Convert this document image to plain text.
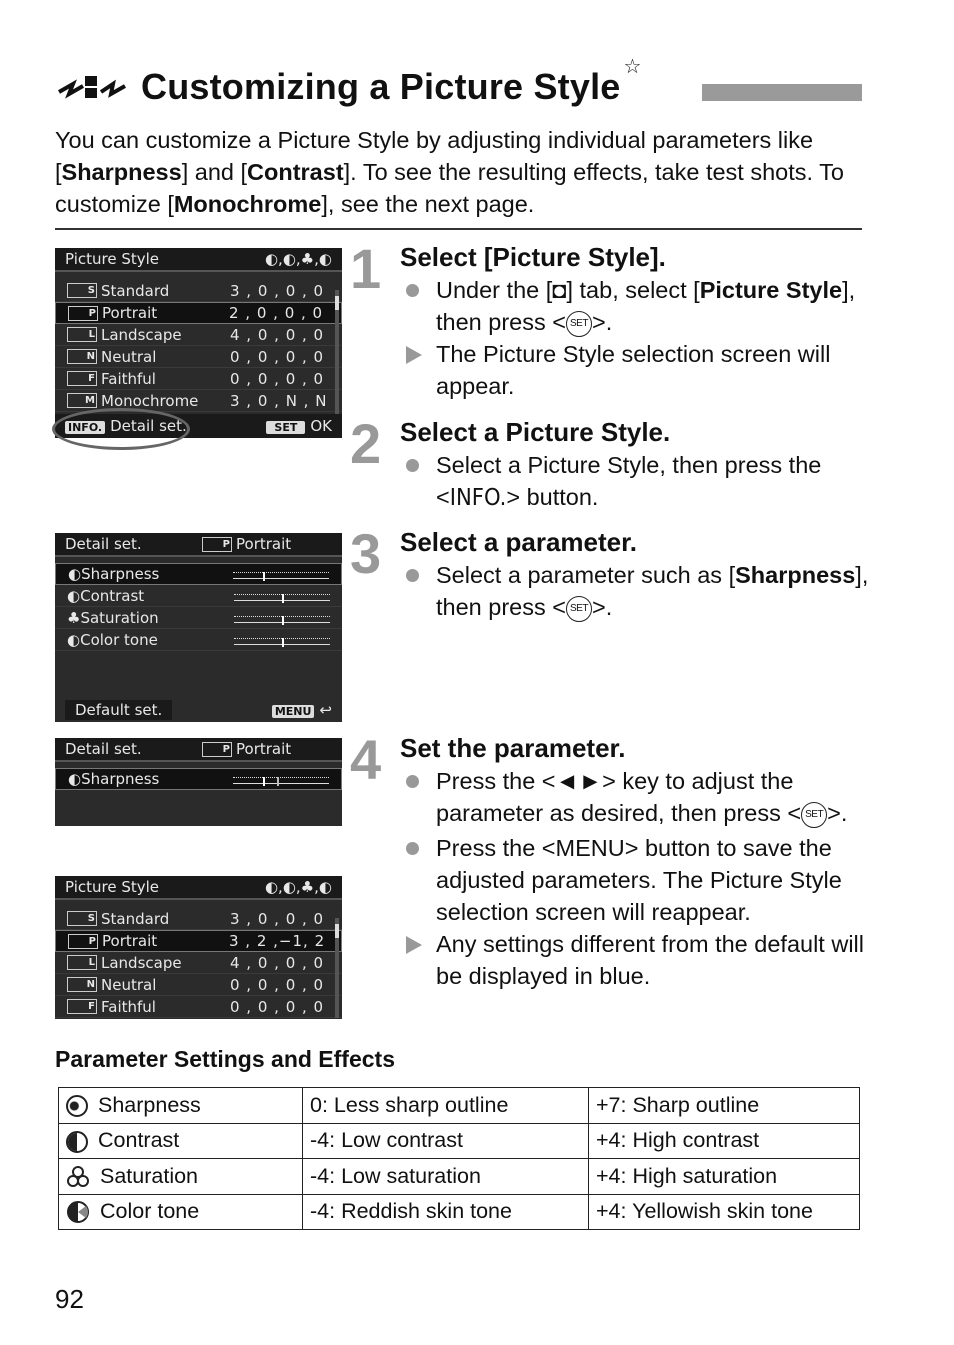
Customizing a Picture Style ☆

You can customize a Picture Style by adjusting individual parameters like [Sharpness] and [Contrast]. To see the resulting effects, take test shots. To customize [Monochrome], see the next page.

Picture Style	◐,◐,♣,◐
S Standard	3 , 0 , 0 , 0
P Portrait	2 , 0 , 0 , 0
L Landscape	4 , 0 , 0 , 0
N Neutral	0 , 0 , 0 , 0
F Faithful	0 , 0 , 0 , 0
M Monochrome 3 , 0 , N , N
INFO. Detail set.	SET OK
Detail set.	P Portrait
◐ Sharpness
◐ Contrast
♣ Saturation
◐ Color tone
Default set.	MENU ↩
Detail set.	P Portrait
◐ Sharpness
Picture Style	◐,◐,♣,◐
S Standard	3 , 0 , 0 , 0
P Portrait	3 , 2 ,−1, 2
L Landscape	4 , 0 , 0 , 0
N Neutral	0 , 0 , 0 , 0
F Faithful	0 , 0 , 0 , 0
1 Select [Picture Style].
Under the [◘] tab, select [Picture Style], then press < SET >.
The Picture Style selection screen will appear.
2 Select a Picture Style.
Select a Picture Style, then press the <INFO.> button.
3 Select a parameter.
Select a parameter such as [Sharpness], then press < SET >.
4 Set the parameter.
Press the <◄►> key to adjust the parameter as desired, then press < SET >.
Press the <MENU> button to save the adjusted parameters. The Picture Style selection screen will reappear.
Any settings different from the default will be displayed in blue.
Parameter Settings and Effects
Sharpness	0: Less sharp outline	+7: Sharp outline
Contrast	-4: Low contrast	+4: High contrast
Saturation	-4: Low saturation	+4: High saturation
Color tone	-4: Reddish skin tone	+4: Yellowish skin tone
92
